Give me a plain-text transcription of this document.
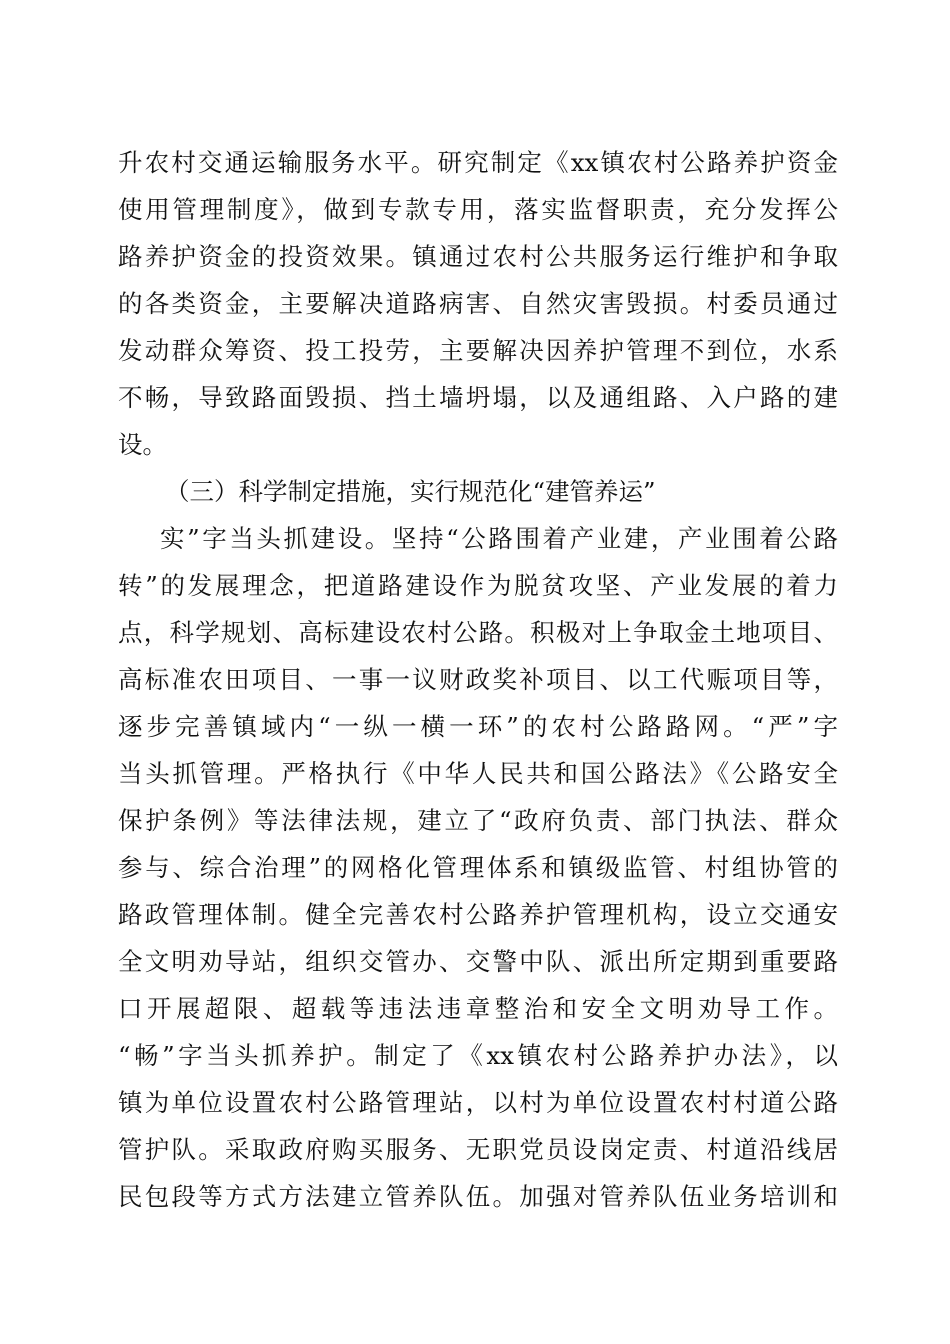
升农村交通运输服务水平。研究制定《xx镇农村公路养护资金
使用管理制度》，做到专款专用，落实监督职责，充分发挥公
路养护资金的投资效果。镇通过农村公共服务运行维护和争取
的各类资金，主要解决道路病害、自然灾害毁损。村委员通过
发动群众筹资、投工投劳，主要解决因养护管理不到位，水系
不畅，导致路面毁损、挡土墙坍塌，以及通组路、入户路的建
设。
（三）科学制定措施，实行规范化“建管养运”
实”字当头抓建设。坚持“公路围着产业建，产业围着公路
转”的发展理念，把道路建设作为脱贫攻坚、产业发展的着力
点，科学规划、高标建设农村公路。积极对上争取金土地项目、
高标准农田项目、一事一议财政奖补项目、以工代赈项目等，
逐步完善镇域内“一纵一横一环”的农村公路路网。“严”字
当头抓管理。严格执行《中华人民共和国公路法》《公路安全
保护条例》等法律法规，建立了“政府负责、部门执法、群众
参与、综合治理”的网格化管理体系和镇级监管、村组协管的
路政管理体制。健全完善农村公路养护管理机构，设立交通安
全文明劝导站，组织交管办、交警中队、派出所定期到重要路
口开展超限、超载等违法违章整治和安全文明劝导工作。
“畅”字当头抓养护。制定了《xx镇农村公路养护办法》，以
镇为单位设置农村公路管理站，以村为单位设置农村村道公路
管护队。采取政府购买服务、无职党员设岗定责、村道沿线居
民包段等方式方法建立管养队伍。加强对管养队伍业务培训和
